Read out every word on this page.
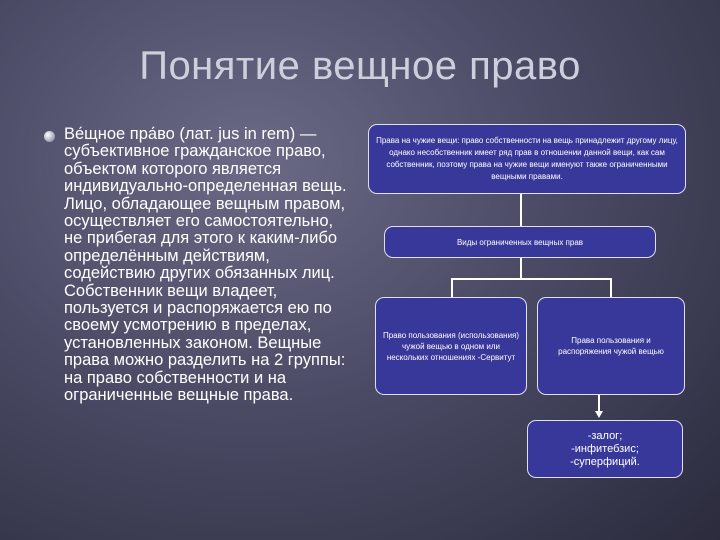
Понятие вещное право
Ве́щное пра́во (лат. jus in rem) — субъективное гражданское право, объектом которого является индивидуально-определенная вещь. Лицо, обладающее вещным правом, осуществляет его самостоятельно, не прибегая для этого к каким-либо определённым действиям, содействию других обязанных лиц. Собственник вещи владеет, пользуется и распоряжается ею по своему усмотрению в пределах, установленных законом. Вещные права можно разделить на 2 группы: на право собственности и на ограниченные вещные права.
Права на чужие вещи: право собственности на вещь принадлежит другому лицу, однако несобственник имеет ряд прав в отношении данной вещи, как сам собственник, поэтому права на чужие вещи именуют также ограниченными вещными правами.
Виды ограниченных вещных прав
Право пользования (использования) чужой вещью в одном или нескольких отношениях -Сервитут
Права пользования и распоряжения чужой вещью
-залог;
-инфитебзис;
-суперфиций.
